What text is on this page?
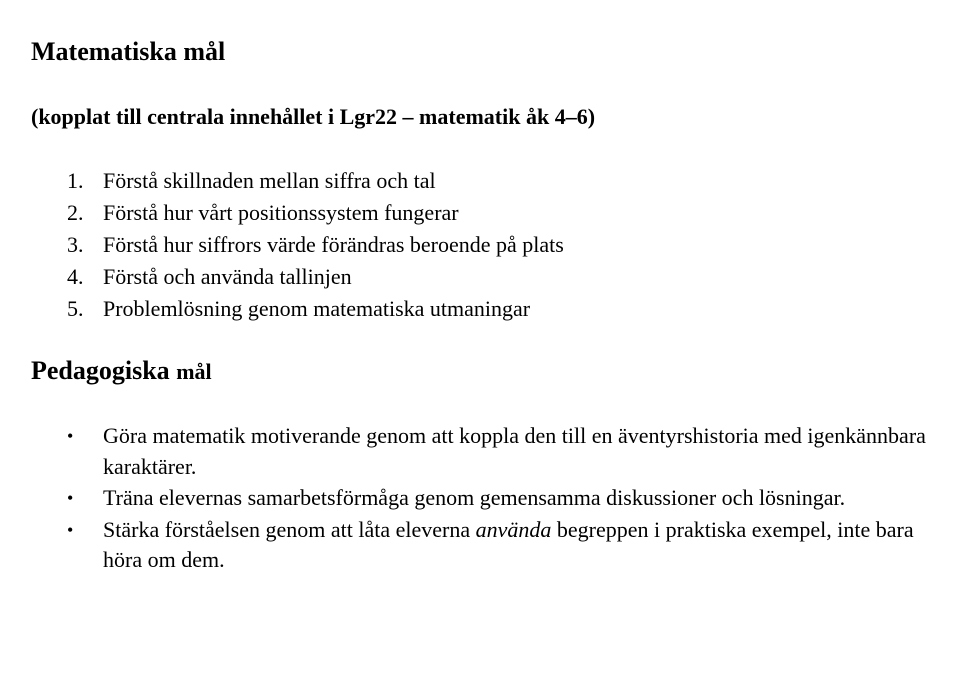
Matematiska mål

(kopplat till centrala innehållet i Lgr22 – matematik åk 4–6)

1. Förstå skillnaden mellan siffra och tal
2. Förstå hur vårt positionssystem fungerar
3. Förstå hur siffrors värde förändras beroende på plats
4. Förstå och använda tallinjen
5. Problemlösning genom matematiska utmaningar
Pedagogiska mål
• Göra matematik motiverande genom att koppla den till en äventyrshistoria med igenkännbara karaktärer.
• Träna elevernas samarbetsförmåga genom gemensamma diskussioner och lösningar.
• Stärka förståelsen genom att låta eleverna använda begreppen i praktiska exempel, inte bara höra om dem.
